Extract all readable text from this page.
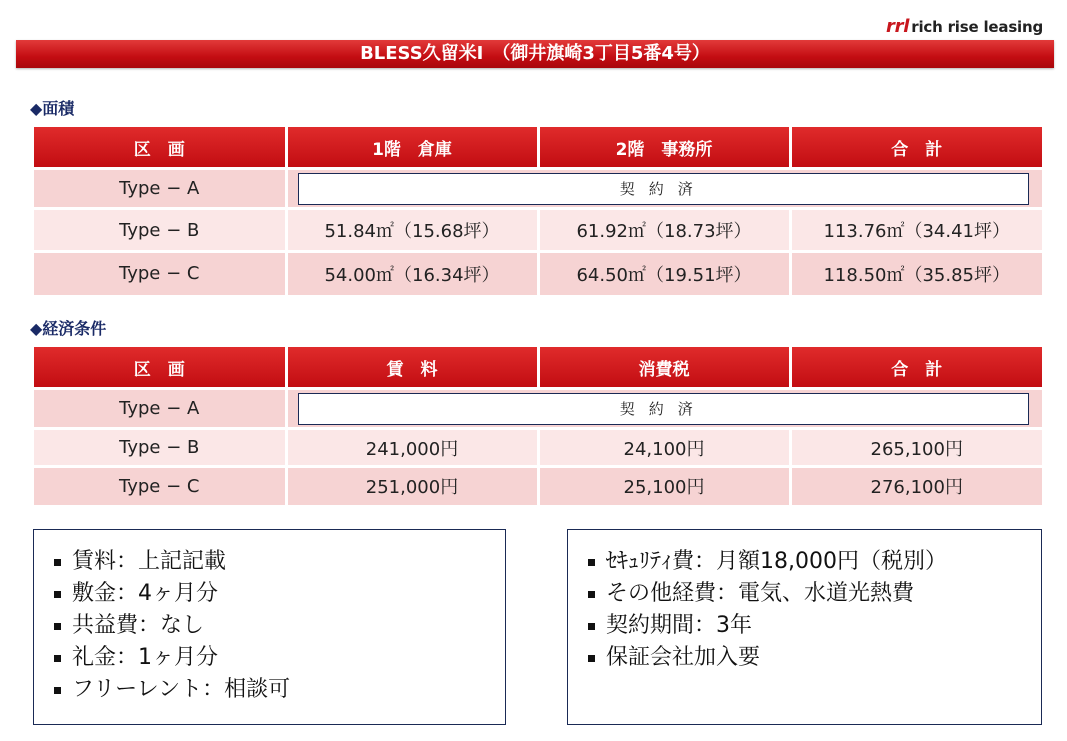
rrl rich rise leasing
BLESS久留米Ⅰ　（御井旗崎3丁目5番4号）
◆面積
区　画	1階　倉庫	2階　事務所	合　計
Type − A	契約済		

Type − B	51.84㎡（15.68坪）	61.92㎡（18.73坪）	113.76㎡（34.41坪）
Type − C	54.00㎡（16.34坪）	64.50㎡（19.51坪）	118.50㎡（35.85坪）
◆経済条件
区　画	賃　料	消費税	合　計
Type − A	契約済		

Type − B	241,000円	24,100円	265,100円
Type − C	251,000円	25,100円	276,100円
賃料：上記記載
敷金：4ヶ月分
共益費：なし
礼金：1ヶ月分
フリーレント：相談可
ｾｷｭﾘﾃｨ費：月額18,000円（税別）
その他経費：電気、水道光熱費
契約期間：3年
保証会社加入要
